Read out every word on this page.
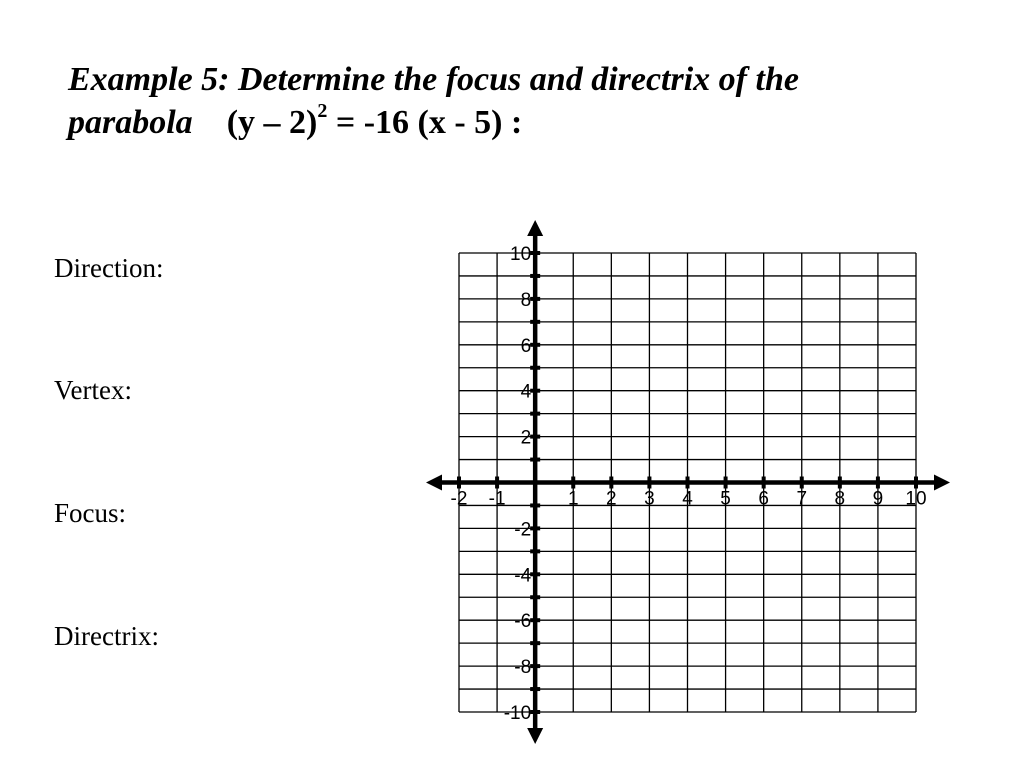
Example 5: Determine the focus and directrix of the
parabola (y – 2)$^2$ = -16 (x - 5) :

Direction:

Vertex:

Focus:

Directrix:

-2 -1	1 2 3 4 5 6 7 8 9 10
10
8
6
4
2
-2
-4
-6
-8
-10
